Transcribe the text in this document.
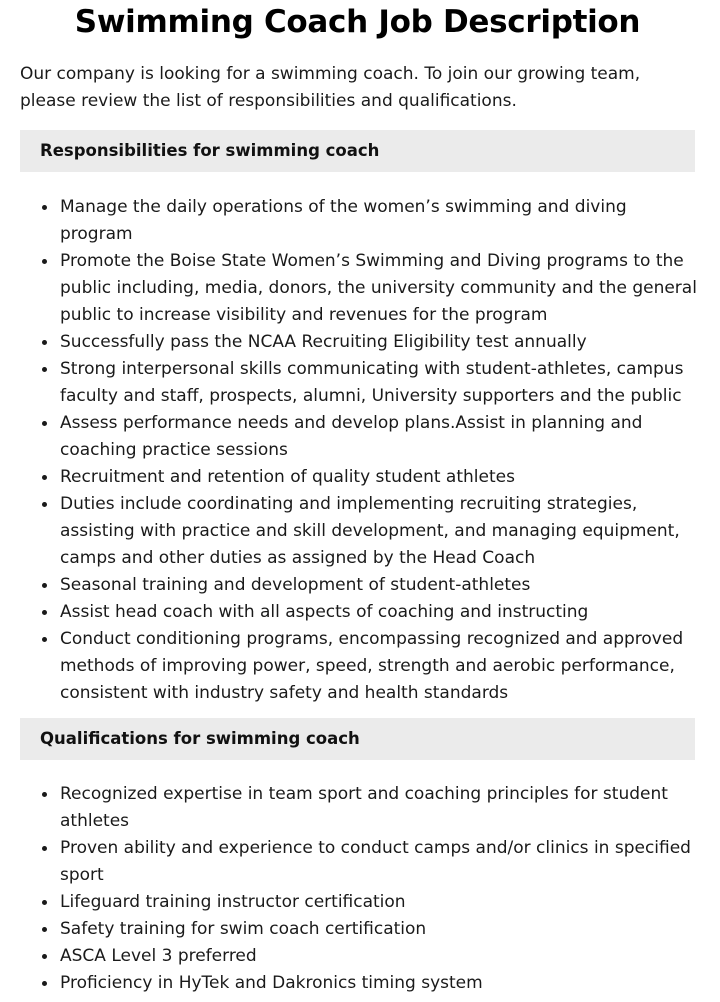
Swimming Coach Job Description

Our company is looking for a swimming coach. To join our growing team, please review the list of responsibilities and qualifications.

Responsibilities for swimming coach
Manage the daily operations of the women’s swimming and diving program
Promote the Boise State Women’s Swimming and Diving programs to the public including, media, donors, the university community and the general public to increase visibility and revenues for the program
Successfully pass the NCAA Recruiting Eligibility test annually
Strong interpersonal skills communicating with student-athletes, campus faculty and staff, prospects, alumni, University supporters and the public
Assess performance needs and develop plans.Assist in planning and coaching practice sessions
Recruitment and retention of quality student athletes
Duties include coordinating and implementing recruiting strategies, assisting with practice and skill development, and managing equipment, camps and other duties as assigned by the Head Coach
Seasonal training and development of student-athletes
Assist head coach with all aspects of coaching and instructing
Conduct conditioning programs, encompassing recognized and approved methods of improving power, speed, strength and aerobic performance, consistent with industry safety and health standards
Qualifications for swimming coach
Recognized expertise in team sport and coaching principles for student athletes
Proven ability and experience to conduct camps and/or clinics in specified sport
Lifeguard training instructor certification
Safety training for swim coach certification
ASCA Level 3 preferred
Proficiency in HyTek and Dakronics timing system
